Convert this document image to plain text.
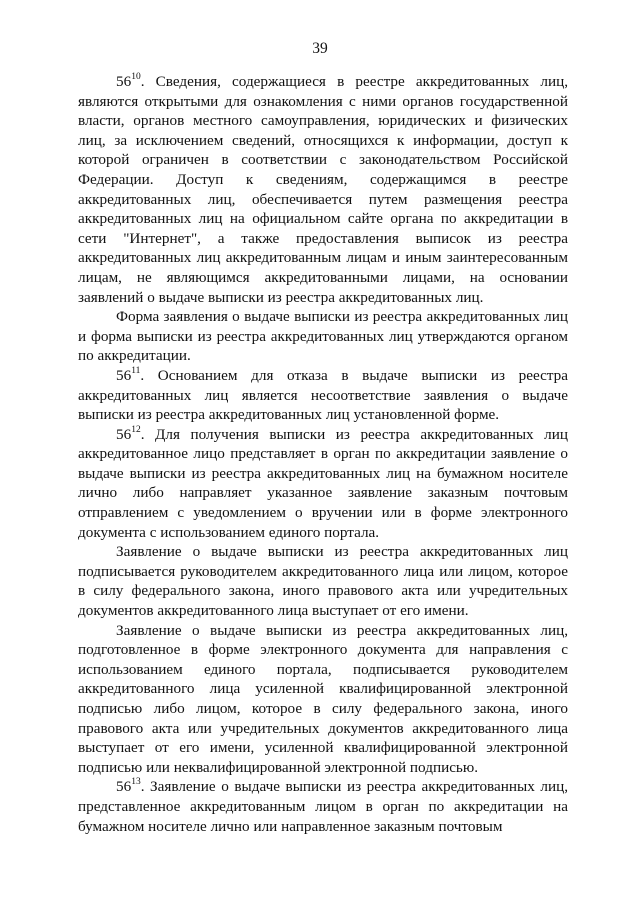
39

$56^{10}$. Сведения, содержащиеся в реестре аккредитованных лиц, являются открытыми для ознакомления с ними органов государственной власти, органов местного самоуправления, юридических и физических лиц, за исключением сведений, относящихся к информации, доступ к которой ограничен в соответствии с законодательством Российской Федерации. Доступ к сведениям, содержащимся в реестре аккредитованных лиц, обеспечивается путем размещения реестра аккредитованных лиц на официальном сайте органа по аккредитации в сети "Интернет", а также предоставления выписок из реестра аккредитованных лиц аккредитованным лицам и иным заинтересованным лицам, не являющимся аккредитованными лицами, на основании заявлений о выдаче выписки из реестра аккредитованных лиц.

Форма заявления о выдаче выписки из реестра аккредитованных лиц и форма выписки из реестра аккредитованных лиц утверждаются органом по аккредитации.

$56^{11}$. Основанием для отказа в выдаче выписки из реестра аккредитованных лиц является несоответствие заявления о выдаче выписки из реестра аккредитованных лиц установленной форме.

$56^{12}$. Для получения выписки из реестра аккредитованных лиц аккредитованное лицо представляет в орган по аккредитации заявление о выдаче выписки из реестра аккредитованных лиц на бумажном носителе лично либо направляет указанное заявление заказным почтовым отправлением с уведомлением о вручении или в форме электронного документа с использованием единого портала.

Заявление о выдаче выписки из реестра аккредитованных лиц подписывается руководителем аккредитованного лица или лицом, которое в силу федерального закона, иного правового акта или учредительных документов аккредитованного лица выступает от его имени.

Заявление о выдаче выписки из реестра аккредитованных лиц, подготовленное в форме электронного документа для направления с использованием единого портала, подписывается руководителем аккредитованного лица усиленной квалифицированной электронной подписью либо лицом, которое в силу федерального закона, иного правового акта или учредительных документов аккредитованного лица выступает от его имени, усиленной квалифицированной электронной подписью или неквалифицированной электронной подписью.

$56^{13}$. Заявление о выдаче выписки из реестра аккредитованных лиц, представленное аккредитованным лицом в орган по аккредитации на бумажном носителе лично или направленное заказным почтовым
